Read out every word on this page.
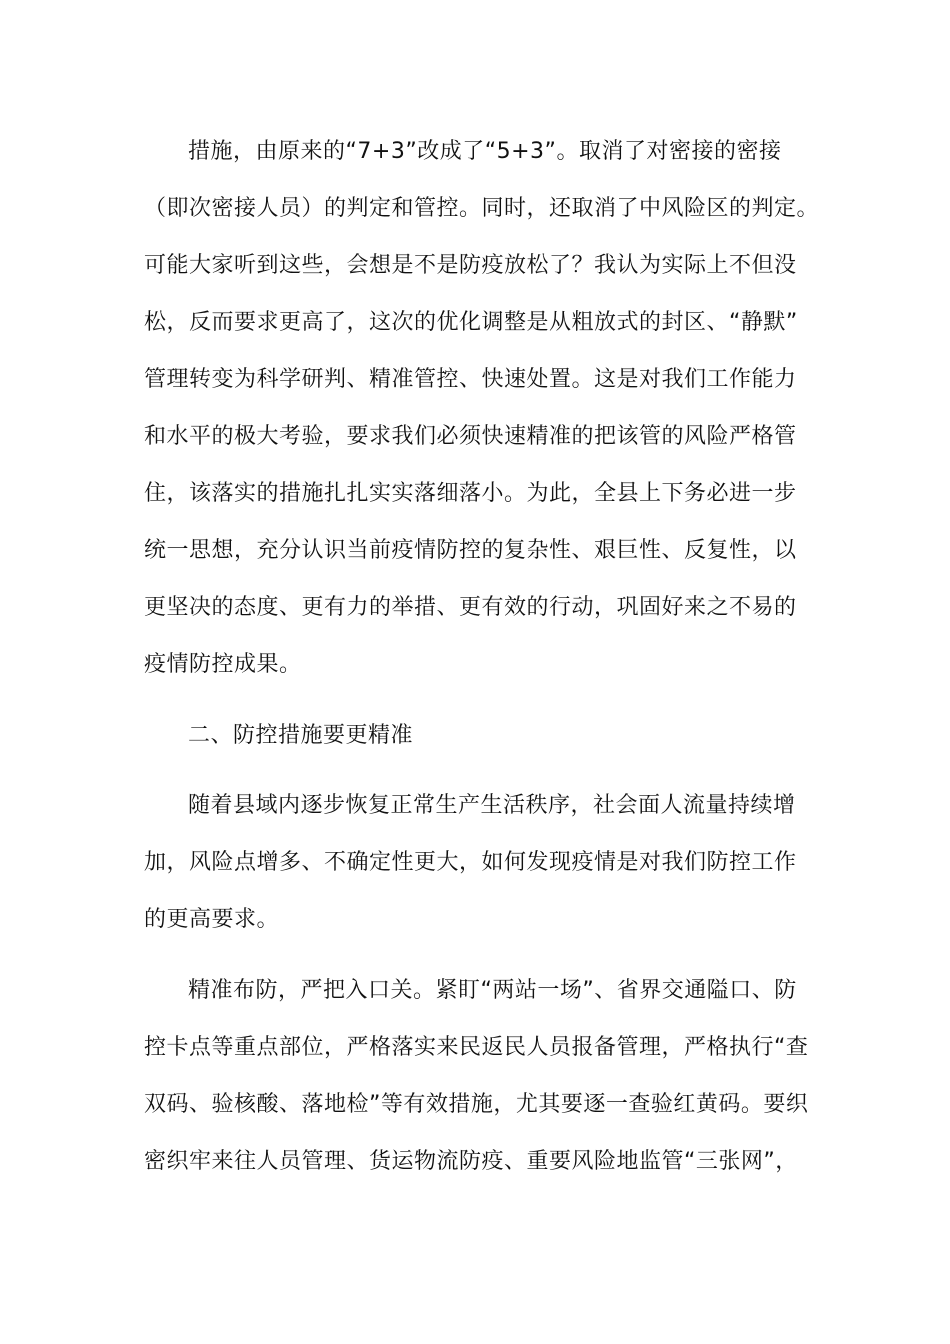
措施，由原来的“7+3”改成了“5+3”。取消了对密接的密接
（即次密接人员）的判定和管控。同时，还取消了中风险区的判定。
可能大家听到这些，会想是不是防疫放松了？我认为实际上不但没
松，反而要求更高了，这次的优化调整是从粗放式的封区、“静默”
管理转变为科学研判、精准管控、快速处置。这是对我们工作能力
和水平的极大考验，要求我们必须快速精准的把该管的风险严格管
住，该落实的措施扎扎实实落细落小。为此，全县上下务必进一步
统一思想，充分认识当前疫情防控的复杂性、艰巨性、反复性，以
更坚决的态度、更有力的举措、更有效的行动，巩固好来之不易的
疫情防控成果。
二、防控措施要更精准
随着县域内逐步恢复正常生产生活秩序，社会面人流量持续增
加，风险点增多、不确定性更大，如何发现疫情是对我们防控工作
的更高要求。
精准布防，严把入口关。紧盯“两站一场”、省界交通隘口、防
控卡点等重点部位，严格落实来民返民人员报备管理，严格执行“查
双码、验核酸、落地检”等有效措施，尤其要逐一查验红黄码。要织
密织牢来往人员管理、货运物流防疫、重要风险地监管“三张网”，
